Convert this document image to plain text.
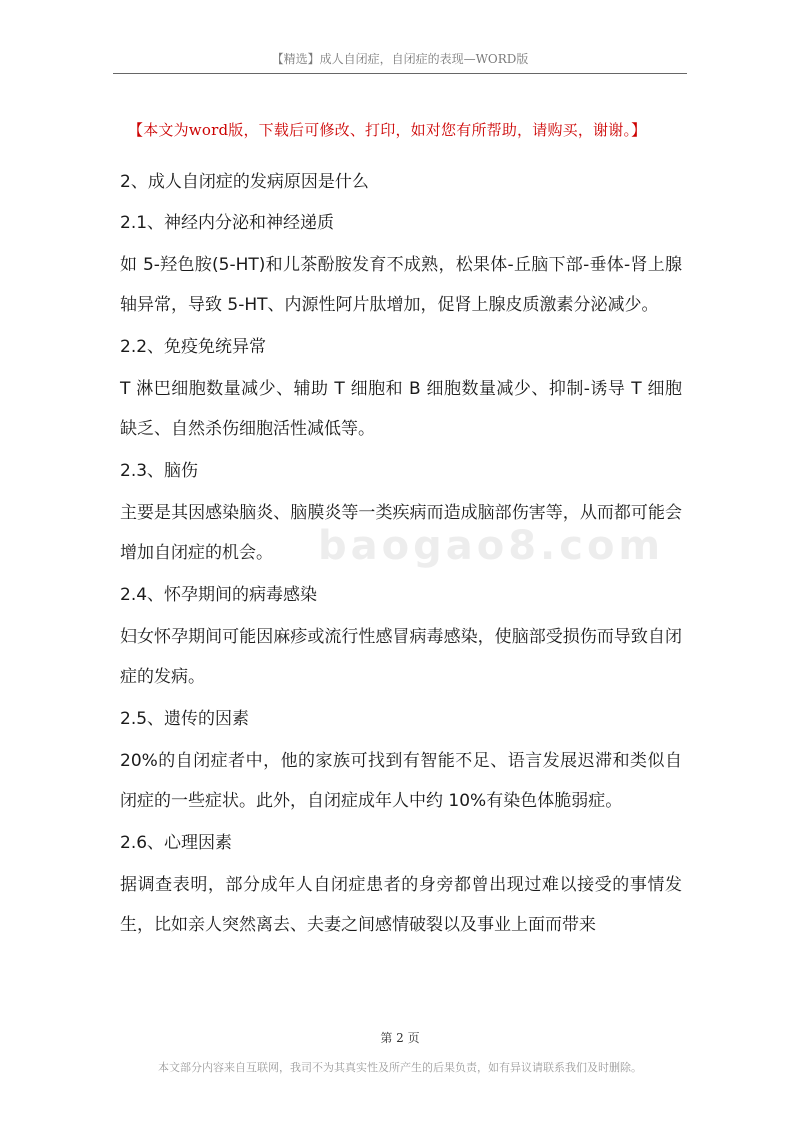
【精选】成人自闭症，自闭症的表现—WORD版
【本文为word版，下载后可修改、打印，如对您有所帮助，请购买，谢谢。】
baogao8.com
2、成人自闭症的发病原因是什么
2.1、神经内分泌和神经递质
如 5-羟色胺(5-HT)和儿茶酚胺发育不成熟，松果体-丘脑下部-垂体-肾上腺轴异常，导致 5-HT、内源性阿片肽增加，促肾上腺皮质激素分泌减少。
2.2、免疫免统异常
T 淋巴细胞数量减少、辅助 T 细胞和 B 细胞数量减少、抑制-诱导 T 细胞缺乏、自然杀伤细胞活性减低等。
2.3、脑伤
主要是其因感染脑炎、脑膜炎等一类疾病而造成脑部伤害等，从而都可能会增加自闭症的机会。
2.4、怀孕期间的病毒感染
妇女怀孕期间可能因麻疹或流行性感冒病毒感染，使脑部受损伤而导致自闭症的发病。
2.5、遗传的因素
20%的自闭症者中，他的家族可找到有智能不足、语言发展迟滞和类似自闭症的一些症状。此外，自闭症成年人中约 10%有染色体脆弱症。
2.6、心理因素
据调查表明，部分成年人自闭症患者的身旁都曾出现过难以接受的事情发生，比如亲人突然离去、夫妻之间感情破裂以及事业上面而带来
第 2 页
本文部分内容来自互联网，我司不为其真实性及所产生的后果负责，如有异议请联系我们及时删除。
